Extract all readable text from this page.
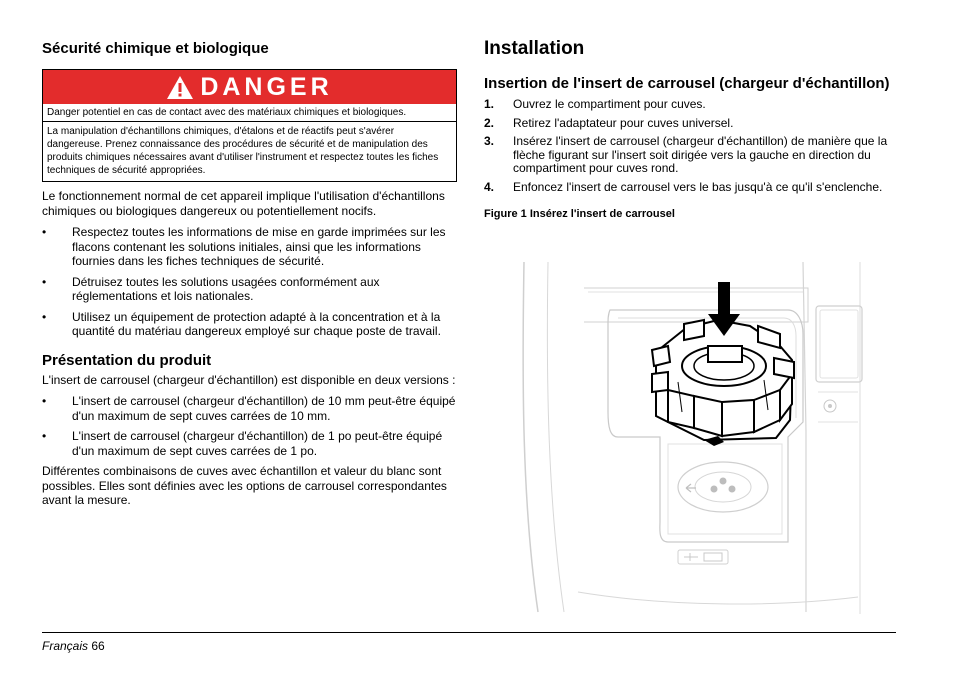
Sécurité chimique et biologique
DANGER
Danger potentiel en cas de contact avec des matériaux chimiques et biologiques.
La manipulation d'échantillons chimiques, d'étalons et de réactifs peut s'avérer dangereuse. Prenez connaissance des procédures de sécurité et de manipulation des produits chimiques nécessaires avant d'utiliser l'instrument et respectez toutes les fiches techniques de sécurité appropriées.

Le fonctionnement normal de cet appareil implique l'utilisation d'échantillons chimiques ou biologiques dangereux ou potentiellement nocifs.

• Respectez toutes les informations de mise en garde imprimées sur les flacons contenant les solutions initiales, ainsi que les informations fournies dans les fiches techniques de sécurité.
• Détruisez toutes les solutions usagées conformément aux réglementations et lois nationales.
• Utilisez un équipement de protection adapté à la concentration et à la quantité du matériau dangereux employé sur chaque poste de travail.
Présentation du produit

L'insert de carrousel (chargeur d'échantillon) est disponible en deux versions :

• L'insert de carrousel (chargeur d'échantillon) de 10 mm peut-être équipé d'un maximum de sept cuves carrées de 10 mm.
• L'insert de carrousel (chargeur d'échantillon) de 1 po peut-être équipé d'un maximum de sept cuves carrées de 1 po.

Différentes combinaisons de cuves avec échantillon et valeur du blanc sont possibles. Elles sont définies avec les options de carrousel correspondantes avant la mesure.

Installation
Insertion de l'insert de carrousel (chargeur d'échantillon)
1. Ouvrez le compartiment pour cuves.
2. Retirez l'adaptateur pour cuves universel.
3. Insérez l'insert de carrousel (chargeur d'échantillon) de manière que la flèche figurant sur l'insert soit dirigée vers la gauche en direction du compartiment pour cuves rond.
4. Enfoncez l'insert de carrousel vers le bas jusqu'à ce qu'il s'enclenche.
Figure 1 Insérez l'insert de carrousel
Français 66
